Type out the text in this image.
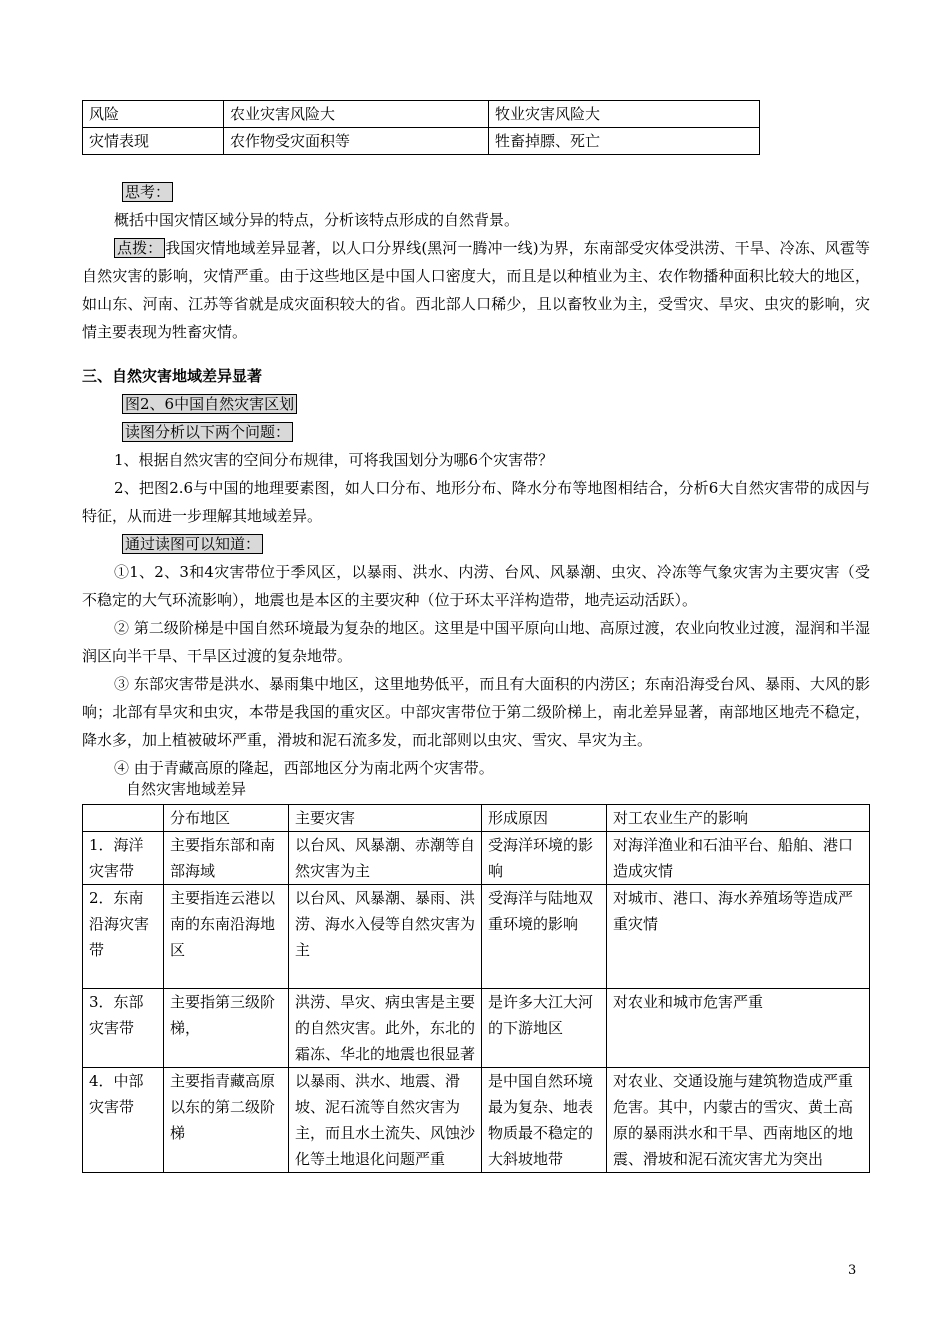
风险	农业灾害风险大	牧业灾害风险大
灾情表现	农作物受灾面积等	牲畜掉膘、死亡

思考：

概括中国灾情区域分异的特点，分析该特点形成的自然背景。

点拨： 我国灾情地域差异显著，以人口分界线(黑河一腾冲一线)为界，东南部受灾体受洪涝、干旱、冷冻、风雹等自然灾害的影响，灾情严重。由于这些地区是中国人口密度大，而且是以种植业为主、农作物播种面积比较大的地区，如山东、河南、江苏等省就是成灾面积较大的省。西北部人口稀少，且以畜牧业为主，受雪灾、旱灾、虫灾的影响，灾情主要表现为牲畜灾情。

三、自然灾害地域差异显著

图2、6中国自然灾害区划

读图分析以下两个问题：

1、根据自然灾害的空间分布规律，可将我国划分为哪6个灾害带？

2、把图2.6与中国的地理要素图，如人口分布、地形分布、降水分布等地图相结合，分析6大自然灾害带的成因与特征，从而进一步理解其地域差异。

通过读图可以知道：

①1、2、3和4灾害带位于季风区，以暴雨、洪水、内涝、台风、风暴潮、虫灾、冷冻等气象灾害为主要灾害（受不稳定的大气环流影响），地震也是本区的主要灾种（位于环太平洋构造带，地壳运动活跃）。

② 第二级阶梯是中国自然环境最为复杂的地区。这里是中国平原向山地、高原过渡，农业向牧业过渡，湿润和半湿润区向半干旱、干旱区过渡的复杂地带。

③ 东部灾害带是洪水、暴雨集中地区，这里地势低平，而且有大面积的内涝区；东南沿海受台风、暴雨、大风的影响；北部有旱灾和虫灾，本带是我国的重灾区。中部灾害带位于第二级阶梯上，南北差异显著，南部地区地壳不稳定，降水多，加上植被破坏严重，滑坡和泥石流多发，而北部则以虫灾、雪灾、旱灾为主。

④ 由于青藏高原的隆起，西部地区分为南北两个灾害带。

自然灾害地域差异
	分布地区	主要灾害	形成原因	对工农业生产的影响
1．海洋灾害带	主要指东部和南部海域	以台风、风暴潮、赤潮等自然灾害为主	受海洋环境的影响	对海洋渔业和石油平台、船舶、港口造成灾情
2．东南沿海灾害带	主要指连云港以南的东南沿海地区	以台风、风暴潮、暴雨、洪涝、海水入侵等自然灾害为主	受海洋与陆地双重环境的影响	对城市、港口、海水养殖场等造成严重灾情
3．东部灾害带	主要指第三级阶梯，	洪涝、旱灾、病虫害是主要的自然灾害。此外，东北的霜冻、华北的地震也很显著	是许多大江大河的下游地区	对农业和城市危害严重
4．中部灾害带	主要指青藏高原以东的第二级阶梯	以暴雨、洪水、地震、滑坡、泥石流等自然灾害为主，而且水土流失、风蚀沙化等土地退化问题严重	是中国自然环境最为复杂、地表物质最不稳定的大斜坡地带	对农业、交通设施与建筑物造成严重危害。其中，内蒙古的雪灾、黄土高原的暴雨洪水和干旱、西南地区的地震、滑坡和泥石流灾害尤为突出
3
